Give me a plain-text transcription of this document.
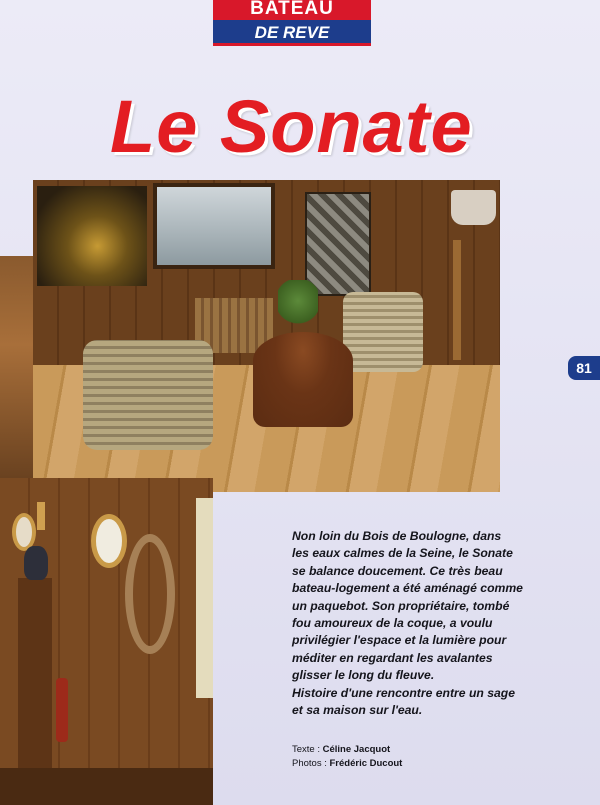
BATEAU
DE REVE
Le Sonate
81
Non loin du Bois de Boulogne, dans
les eaux calmes de la Seine, le Sonate
se balance doucement. Ce très beau
bateau-logement a été aménagé comme
un paquebot. Son propriétaire, tombé
fou amoureux de la coque, a voulu
privilégier l'espace et la lumière pour
méditer en regardant les avalantes
glisser le long du fleuve.
Histoire d'une rencontre entre un sage
et sa maison sur l'eau.
Texte : Céline Jacquot
Photos : Frédéric Ducout
